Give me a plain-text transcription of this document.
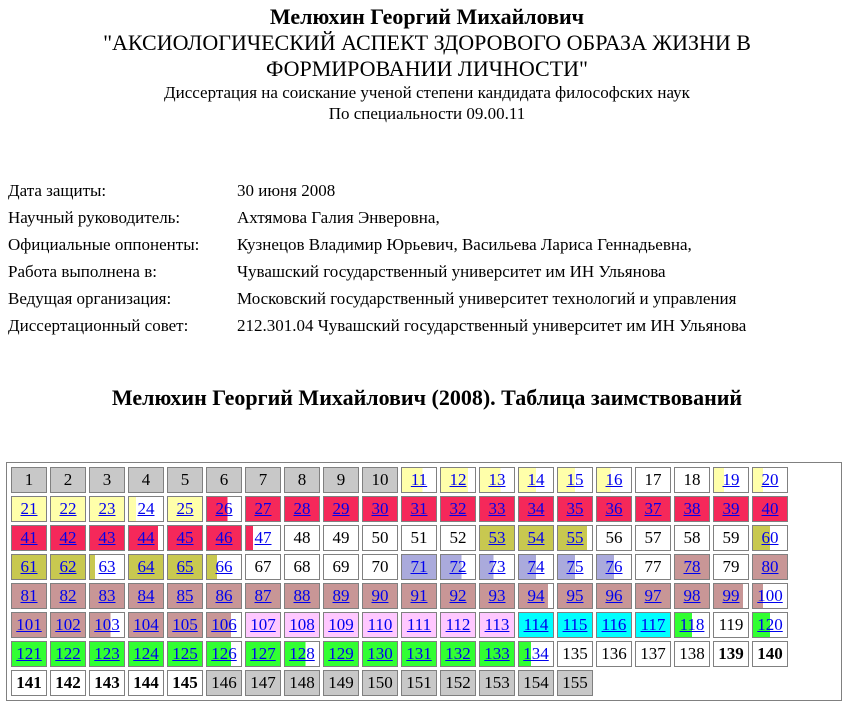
Мелюхин Георгий Михайлович
"АКСИОЛОГИЧЕСКИЙ АСПЕКТ ЗДОРОВОГО ОБРАЗА ЖИЗНИ В
ФОРМИРОВАНИИ ЛИЧНОСТИ"
Диссертация на соискание ученой степени кандидата философских наук
По специальности 09.00.11
Дата защиты:	30 июня 2008
Научный руководитель:	Ахтямова Галия Энверовна,
Официальные оппоненты:	Кузнецов Владимир Юрьевич, Васильева Лариса Геннадьевна,
Работа выполнена в:	Чувашский государственный университет им ИН Ульянова
Ведущая организация:	Московский государственный университет технологий и управления
Диссертационный совет:	212.301.04 Чувашский государственный университет им ИН Ульянова
Мелюхин Георгий Михайлович (2008). Таблица заимствований
1	2	3	4	5	6	7	8	9	10	11	12	13	14	15	16	17	18	19	20
21	22	23	24	25	26	27	28	29	30	31	32	33	34	35	36	37	38	39	40
41	42	43	44	45	46	47	48	49	50	51	52	53	54	55	56	57	58	59	60
61	62	63	64	65	66	67	68	69	70	71	72	73	74	75	76	77	78	79	80
81	82	83	84	85	86	87	88	89	90	91	92	93	94	95	96	97	98	99	100
101	102	103	104	105	106	107	108	109	110	111	112	113	114	115	116	117	118	119	120
121	122	123	124	125	126	127	128	129	130	131	132	133	134	135	136	137	138	139	140
141	142	143	144	145	146	147	148	149	150	151	152	153	154	155					
